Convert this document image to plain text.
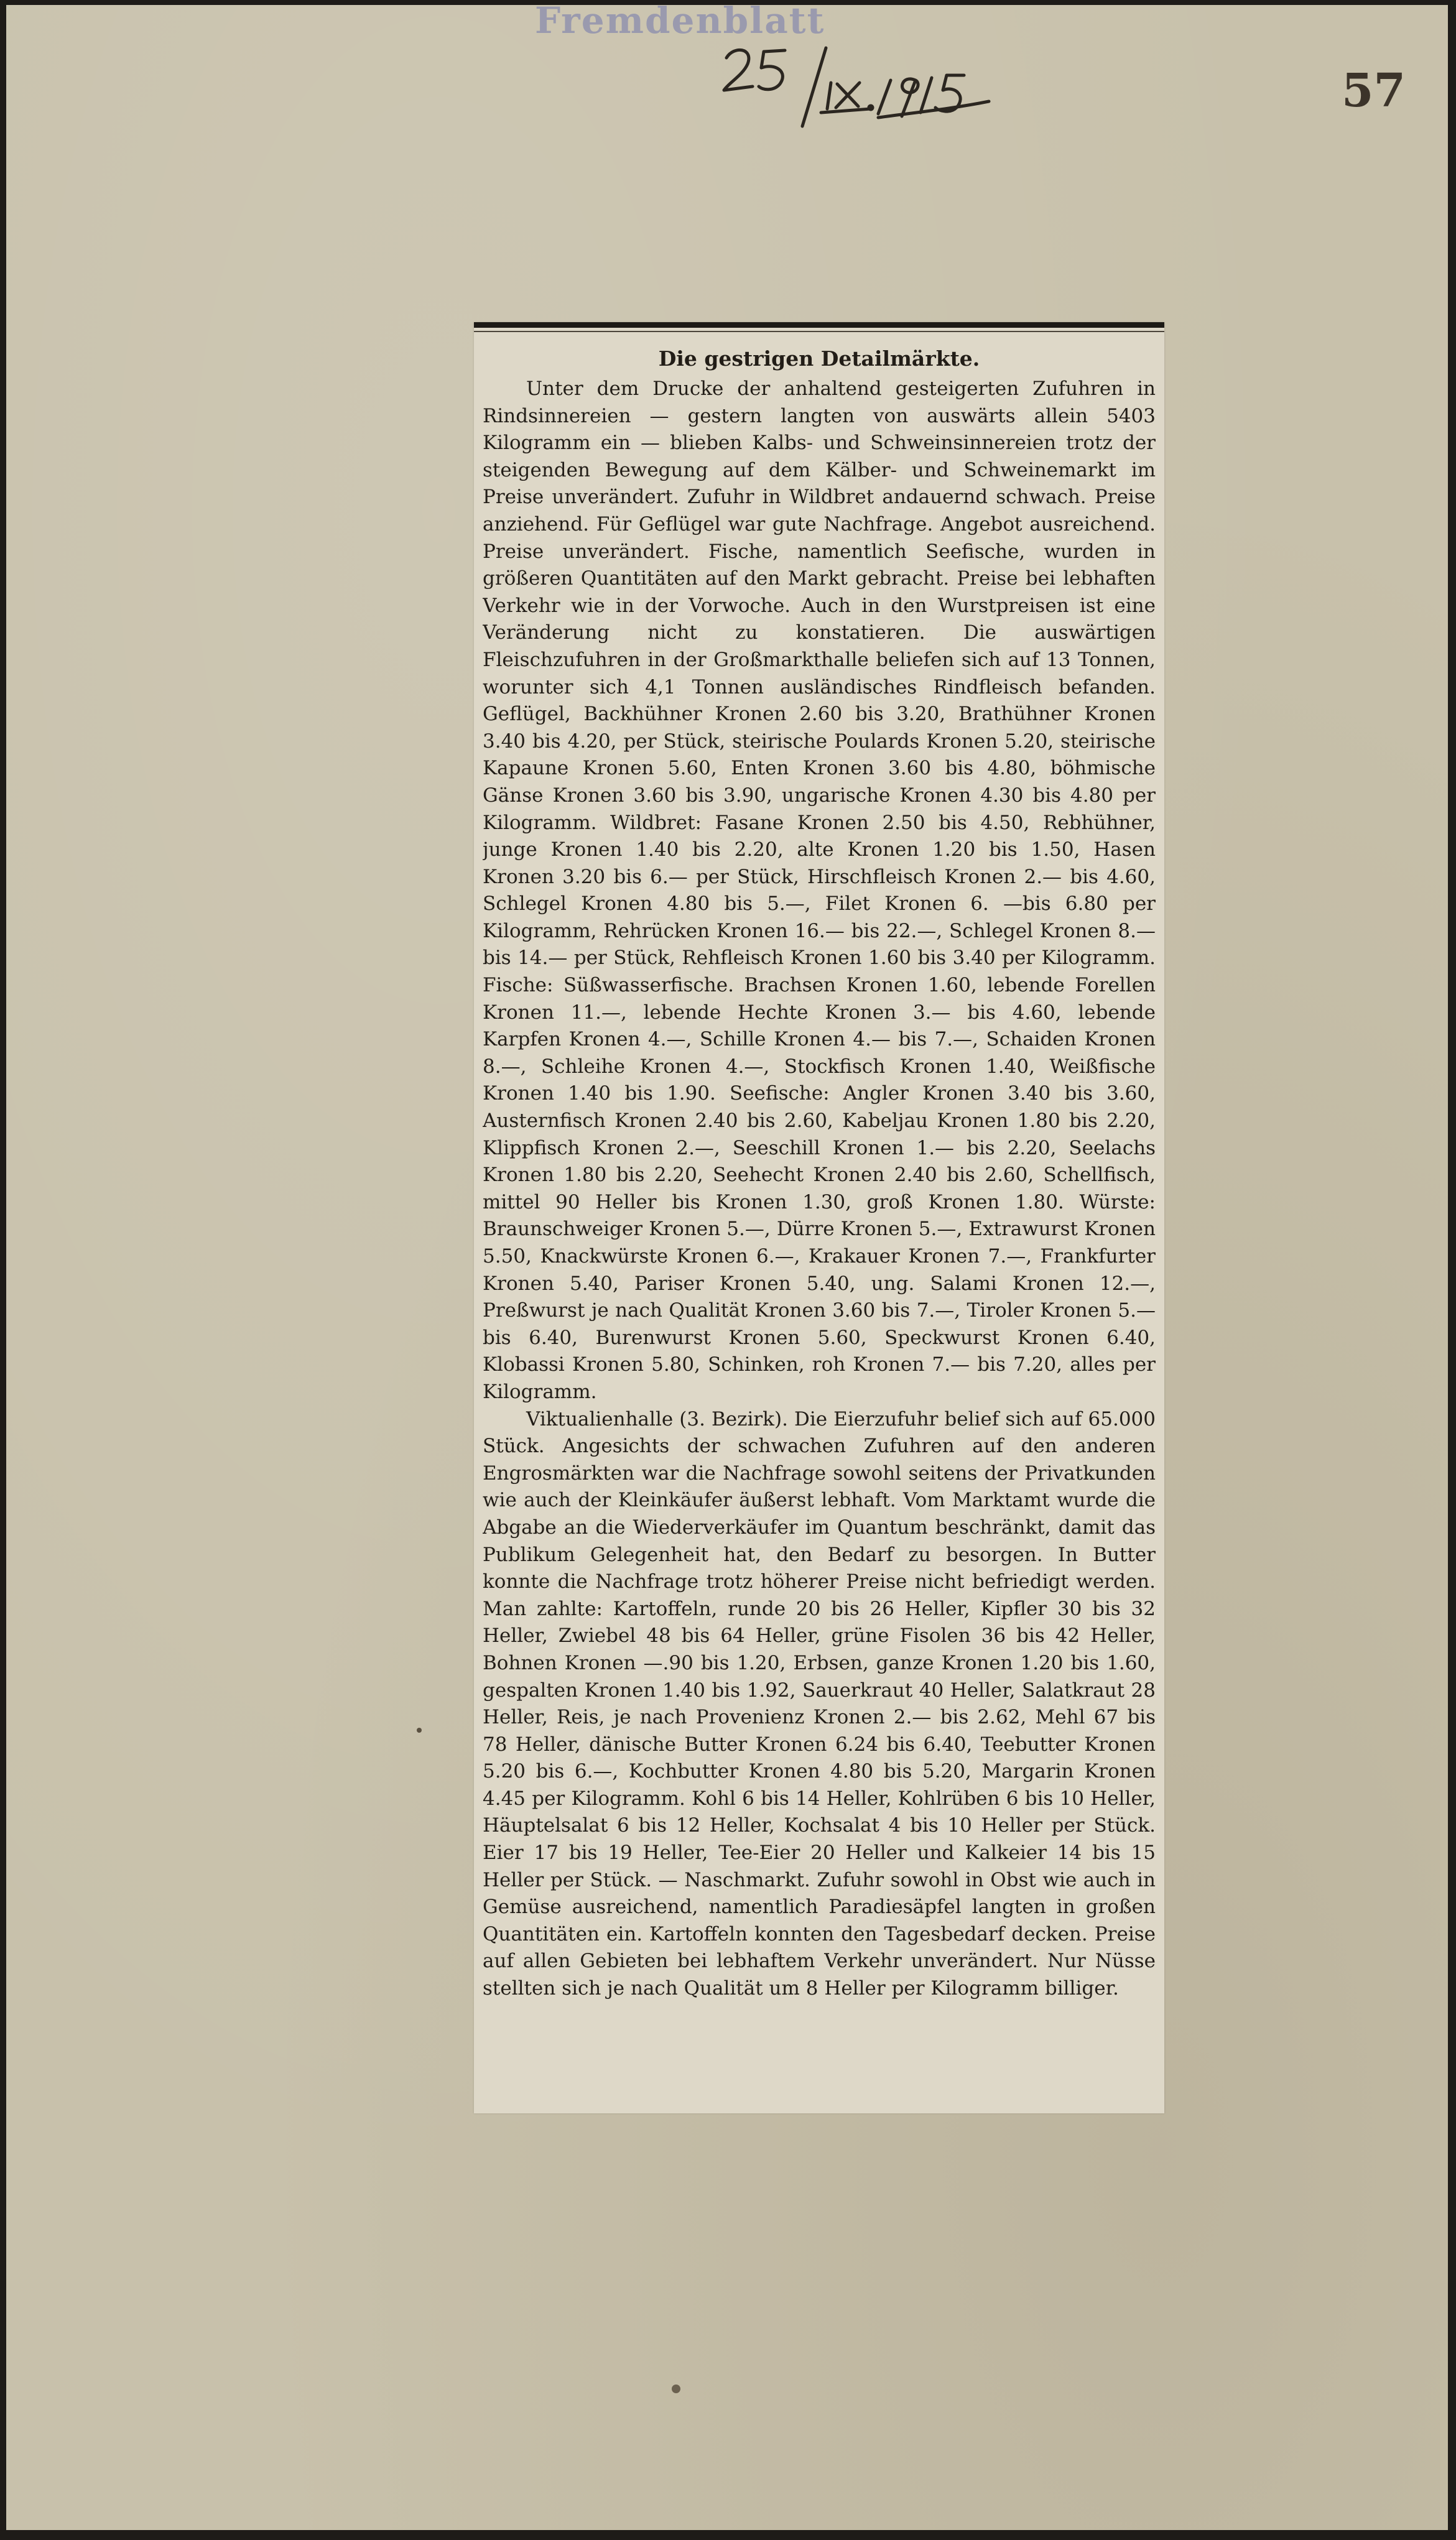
Fremdenblatt
57
Die gestrigen Detailmärkte.

Unter dem Drucke der anhaltend gesteigerten Zufuhren in Rindsinnereien — gestern langten von auswärts allein 5403 Kilogramm ein — blieben Kalbs- und Schweinsinnereien trotz der steigenden Bewegung auf dem Kälber- und Schweinemarkt im Preise unverändert. Zufuhr in Wildbret andauernd schwach. Preise anziehend. Für Geflügel war gute Nachfrage. Angebot ausreichend. Preise unverändert. Fische, namentlich Seefische, wurden in größeren Quantitäten auf den Markt gebracht. Preise bei lebhaften Verkehr wie in der Vorwoche. Auch in den Wurstpreisen ist eine Veränderung nicht zu konstatieren. Die auswärtigen Fleischzufuhren in der Großmarkthalle beliefen sich auf 13 Tonnen, worunter sich 4,1 Tonnen ausländisches Rindfleisch befanden. Geflügel, Backhühner Kronen 2.60 bis 3.20, Brathühner Kronen 3.40 bis 4.20, per Stück, steirische Poulards Kronen 5.20, steirische Kapaune Kronen 5.60, Enten Kronen 3.60 bis 4.80, böhmische Gänse Kronen 3.60 bis 3.90, ungarische Kronen 4.30 bis 4.80 per Kilogramm. Wildbret: Fasane Kronen 2.50 bis 4.50, Rebhühner, junge Kronen 1.40 bis 2.20, alte Kronen 1.20 bis 1.50, Hasen Kronen 3.20 bis 6.— per Stück, Hirschfleisch Kronen 2.— bis 4.60, Schlegel Kronen 4.80 bis 5.—, Filet Kronen 6. —bis 6.80 per Kilogramm, Rehrücken Kronen 16.— bis 22.—, Schlegel Kronen 8.— bis 14.— per Stück, Rehfleisch Kronen 1.60 bis 3.40 per Kilogramm. Fische: Süßwasserfische. Brachsen Kronen 1.60, lebende Forellen Kronen 11.—, lebende Hechte Kronen 3.— bis 4.60, lebende Karpfen Kronen 4.—, Schille Kronen 4.— bis 7.—, Schaiden Kronen 8.—, Schleihe Kronen 4.—, Stockfisch Kronen 1.40, Weißfische Kronen 1.40 bis 1.90. Seefische: Angler Kronen 3.40 bis 3.60, Austernfisch Kronen 2.40 bis 2.60, Kabeljau Kronen 1.80 bis 2.20, Klippfisch Kronen 2.—, Seeschill Kronen 1.— bis 2.20, Seelachs Kronen 1.80 bis 2.20, Seehecht Kronen 2.40 bis 2.60, Schellfisch, mittel 90 Heller bis Kronen 1.30, groß Kronen 1.80. Würste: Braunschweiger Kronen 5.—, Dürre Kronen 5.—, Extrawurst Kronen 5.50, Knackwürste Kronen 6.—, Krakauer Kronen 7.—, Frankfurter Kronen 5.40, Pariser Kronen 5.40, ung. Salami Kronen 12.—, Preßwurst je nach Qualität Kronen 3.60 bis 7.—, Tiroler Kronen 5.— bis 6.40, Burenwurst Kronen 5.60, Speckwurst Kronen 6.40, Klobassi Kronen 5.80, Schinken, roh Kronen 7.— bis 7.20, alles per Kilogramm.

Viktualienhalle (3. Bezirk). Die Eierzufuhr belief sich auf 65.000 Stück. Angesichts der schwachen Zufuhren auf den anderen Engrosmärkten war die Nachfrage sowohl seitens der Privatkunden wie auch der Kleinkäufer äußerst lebhaft. Vom Marktamt wurde die Abgabe an die Wiederverkäufer im Quantum beschränkt, damit das Publikum Gelegenheit hat, den Bedarf zu besorgen. In Butter konnte die Nachfrage trotz höherer Preise nicht befriedigt werden. Man zahlte: Kartoffeln, runde 20 bis 26 Heller, Kipfler 30 bis 32 Heller, Zwiebel 48 bis 64 Heller, grüne Fisolen 36 bis 42 Heller, Bohnen Kronen —.90 bis 1.20, Erbsen, ganze Kronen 1.20 bis 1.60, gespalten Kronen 1.40 bis 1.92, Sauerkraut 40 Heller, Salatkraut 28 Heller, Reis, je nach Provenienz Kronen 2.— bis 2.62, Mehl 67 bis 78 Heller, dänische Butter Kronen 6.24 bis 6.40, Teebutter Kronen 5.20 bis 6.—, Kochbutter Kronen 4.80 bis 5.20, Margarin Kronen 4.45 per Kilogramm. Kohl 6 bis 14 Heller, Kohlrüben 6 bis 10 Heller, Häuptelsalat 6 bis 12 Heller, Kochsalat 4 bis 10 Heller per Stück. Eier 17 bis 19 Heller, Tee-Eier 20 Heller und Kalkeier 14 bis 15 Heller per Stück. — Naschmarkt. Zufuhr sowohl in Obst wie auch in Gemüse ausreichend, namentlich Paradiesäpfel langten in großen Quantitäten ein. Kartoffeln konnten den Tagesbedarf decken. Preise auf allen Gebieten bei lebhaftem Verkehr unverändert. Nur Nüsse stellten sich je nach Qualität um 8 Heller per Kilogramm billiger.
